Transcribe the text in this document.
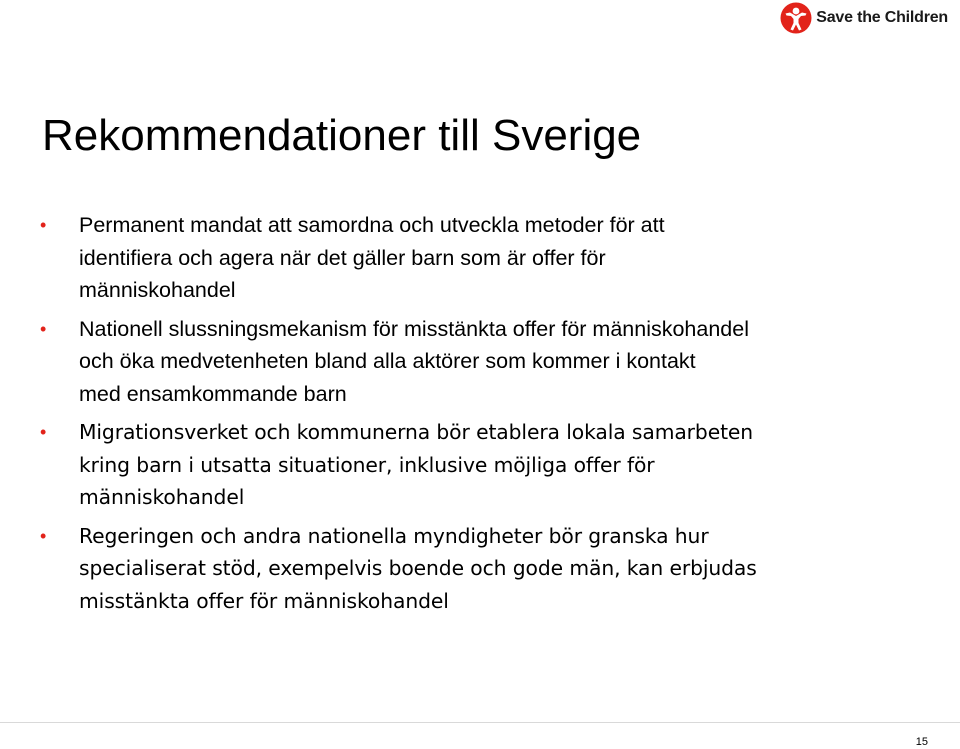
Save the Children
Rekommendationer till Sverige
• Permanent mandat att samordna och utveckla metoder för att
identifiera och agera när det gäller barn som är offer för
människohandel
• Nationell slussningsmekanism för misstänkta offer för människohandel
och öka medvetenheten bland alla aktörer som kommer i kontakt
med ensamkommande barn
• Migrationsverket och kommunerna bör etablera lokala samarbeten
kring barn i utsatta situationer, inklusive möjliga offer för
människohandel
• Regeringen och andra nationella myndigheter bör granska hur
specialiserat stöd, exempelvis boende och gode män, kan erbjudas
misstänkta offer för människohandel
15
